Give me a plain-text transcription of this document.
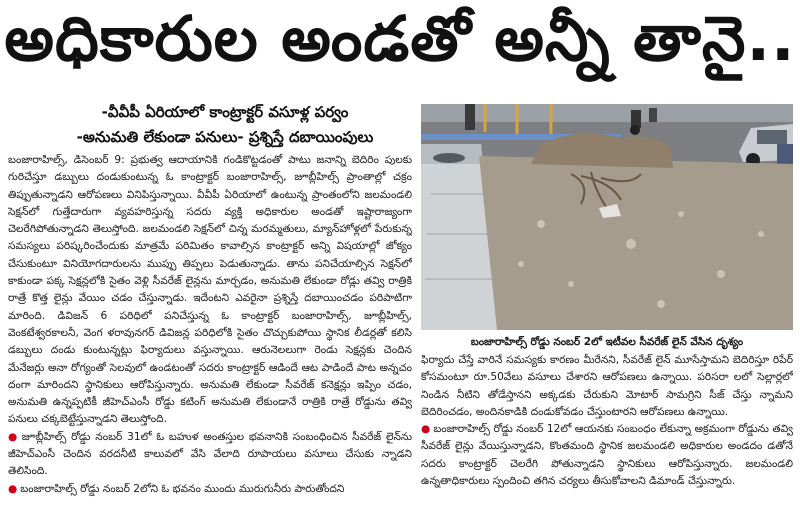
అధికారుల అండతో అన్నీ తానై..
-వీవీపీ ఏరియాలో కాంట్రాక్టర్ వసూళ్ల పర్వం
-అనుమతి లేకుండా పనులు- ప్రశ్నిస్తే దబాయింపులు

బంజారాహిల్స్, డిసెంబర్ 9: ప్రభుత్వ ఆదాయానికి గండికొట్టడంతో పాటు జనాన్ని బెదిరిం పులకు గురిచేస్తూ డబ్బులు దండుకుంటున్న ఓ కాంట్రాక్టర్ బంజారాహిల్స్, జూబ్లీహిల్స్ ప్రాంతాల్లో చక్రం తిప్పుతున్నాడని ఆరోపణలు వినిపిస్తున్నాయి. వీవీపీ ఏరియాలో ఉంటున్న ప్రాంతంలోని జలమండలి సెక్షన్‌లో గుత్తేదారుగా వ్యవహరిస్తున్న సదరు వ్యక్తి అధికారుల అండతో ఇష్టారాజ్యంగా చెలరేగిపోతున్నాడని తెలుస్తోంది. జలమండలి సెక్షన్‌లో చిన్న మరమ్మతులు, మ్యాన్‌హోళ్లలో పేరుకున్న సమస్యలు పరిష్కరించేందుకు మాత్రమే పరిమితం కావాల్సిన కాంట్రాక్టర్ అన్ని విషయాల్లో జోక్యం చేసుకుంటూ వినియోగదారులను ముప్పు తిప్పలు పెడుతున్నాడు. తాను పనిచేయాల్సిన సెక్షన్‌లో కాకుండా పక్క సెక్షన్లలోకి సైతం వెళ్లి సీవరేజ్ లైన్లను మార్చడం, అనుమతి లేకుండా రోడ్లు తవ్వి రాత్రికి రాత్రే కొత్త లైన్లు వేయిం చడం చేస్తున్నాడు. ఇదేంటని ఎవరైనా ప్రశ్నిస్తే దబాయించడం పరిపాటిగా మారింది. డివిజన్ 6 పరిధిలో పనిచేస్తున్న ఓ కాంట్రాక్టర్ బంజారాహిల్స్, జూబ్లీహిల్స్, వెంకటేశ్వరకాలనీ, వెంగ ళరావునగర్ డివిజన్ల పరిధిలోకి సైతం చొచ్చుకుపోయి స్థానిక లీడర్లతో కలిసి డబ్బులు దండు కుంటున్నట్లు ఫిర్యాదులు వస్తున్నాయి. ఆరునెలలుగా రెండు సెక్షన్లకు చెందిన మేనేజర్లు అనా రోగ్యంతో సెలవులో ఉండటంతో సదరు కాంట్రాక్టర్ ఆడిందే ఆట పాడిందే పాట అన్నచం దంగా మారిందని స్థానికులు ఆరోపిస్తున్నారు. అనుమతి లేకుండా సీవరేజ్ కనెక్షన్లు ఇప్పిం చడం, అనుమతి ఉన్నప్పటికీ జీహెచ్ఎంసీ రోడ్డు కటింగ్ అనుమతి లేకుండానే రాత్రికి రాత్రే రోడ్డును తవ్వి పనులు చక్కబెట్టేస్తున్నాడని తెలుస్తోంది.

● జూబ్లీహిల్స్ రోడ్డు నంబర్ 31లో ఓ బహుళ అంతస్తుల భవనానికి సంబంధించిన సీవరేజ్ లైన్‌ను జీహెచ్ఎంసీ చెందిన వరదనీటి కాలువలో వేసి వేలాది రూపాయలు వసూలు చేసుకు న్నాడని తెలిసింది.

● బంజారాహిల్స్ రోడ్డు నంబర్ 2లోని ఓ భవనం ముందు మురుగునీరు పారుతోందని

బంజారాహిల్స్ రోడ్డు నంబర్ 2లో ఇటీవల సీవరేజ్ లైన్ వేసిన దృశ్యం

ఫిర్యాదు చేస్తే వారినే సమస్యకు కారణం మీరేనని, సీవరేజ్ లైన్ మూసేస్తామని బెదిరిస్తూ రిపేర్ కోసమంటూ రూ.50వేలు వసూలు చేశారని ఆరోపణలు ఉన్నాయి. పరిసరా లలో సెల్లార్లలో నిండిన నీటిని తోడేస్తానని అక్కడకు చేరుకుని మోటార్ సామగ్రిని సీజ్ చేస్తు న్నామని బెదిరించడం, అందినకాడికి దండుకోవడం చేస్తుంటారని ఆరోపణలు ఉన్నాయి.

● బంజారాహిల్స్ రోడ్డు నంబర్ 12లో ఆయనకు సంబంధం లేకున్నా అక్రమంగా రోడ్డును తవ్వి సీవరేజ్ లైన్లు వేయిస్తున్నాడని, కొంతమంది స్థానిక జలమండలి అధికారుల అండదం డతోనే సదరు కాంట్రాక్టర్ చెలరేగి పోతున్నాడని స్థానికులు ఆరోపిస్తున్నారు. జలమండలి ఉన్నతాధికారులు స్పందించి తగిన చర్యలు తీసుకోవాలని డిమాండ్ చేస్తున్నారు.
